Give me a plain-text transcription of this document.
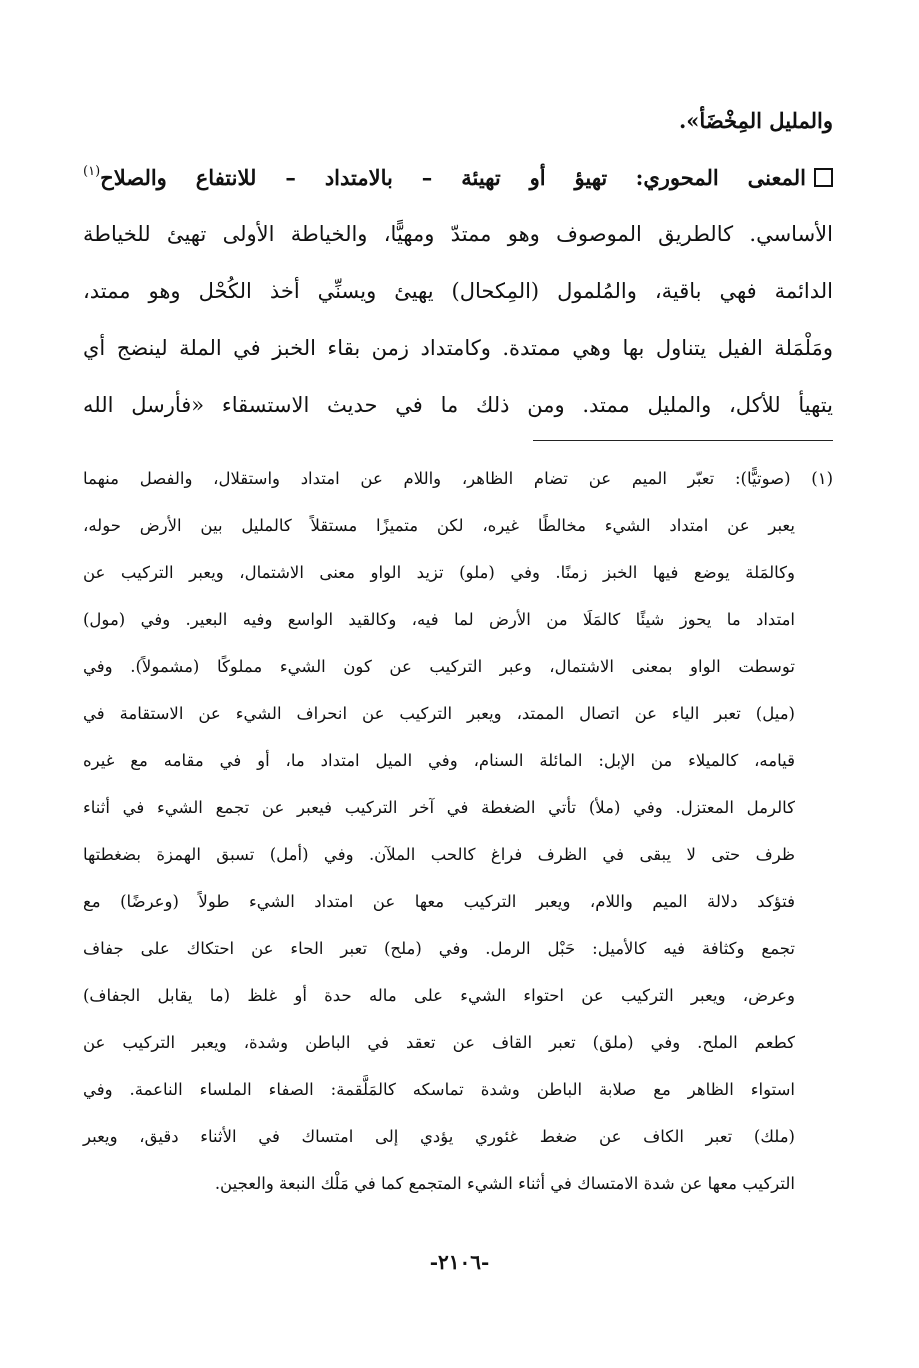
والمليل المِخْضَأ».
المعنى المحوري: تهيؤ أو تهيئة – بالامتداد – للانتفاع والصلاح$^{(١)}$
الأساسي. كالطريق الموصوف وهو ممتدّ ومهيًّا، والخياطة الأولى تهيئ للخياطة
الدائمة فهي باقية، والمُلمول (المِكحال) يهيئ ويسنِّي أخذ الكُحْل وهو ممتد،
ومَلْمَلة الفيل يتناول بها وهي ممتدة. وكامتداد زمن بقاء الخبز في الملة لينضج أي
يتهيأ للأكل، والمليل ممتد. ومن ذلك ما في حديث الاستسقاء «فأرسل الله
(١) (صوتيًّا): تعبّر الميم عن تضام الظاهر، واللام عن امتداد واستقلال، والفصل منهما
يعبر عن امتداد الشيء مخالطًا غيره، لكن متميزًا مستقلاً كالمليل بين الأرض حوله،
وكالمَلة يوضع فيها الخبز زمنًا. وفي (ملو) تزيد الواو معنى الاشتمال، ويعبر التركيب عن
امتداد ما يحوز شيئًا كالمَلَا من الأرض لما فيه، وكالقيد الواسع وفيه البعير. وفي (مول)
توسطت الواو بمعنى الاشتمال، وعبر التركيب عن كون الشيء مملوكًا (مشمولاً). وفي
(ميل) تعبر الياء عن اتصال الممتد، ويعبر التركيب عن انحراف الشيء عن الاستقامة في
قيامه، كالميلاء من الإبل: المائلة السنام، وفي الميل امتداد ما، أو في مقامه مع غيره
كالرمل المعتزل. وفي (ملأ) تأتي الضغطة في آخر التركيب فيعبر عن تجمع الشيء في أثناء
ظرف حتى لا يبقى في الظرف فراغ كالحب الملآن. وفي (أمل) تسبق الهمزة بضغطتها
فتؤكد دلالة الميم واللام، ويعبر التركيب معها عن امتداد الشيء طولاً (وعرضًا) مع
تجمع وكثافة فيه كالأميل: حَبْل الرمل. وفي (ملح) تعبر الحاء عن احتكاك على جفاف
وعرض، ويعبر التركيب عن احتواء الشيء على ماله حدة أو غلظ (ما يقابل الجفاف)
كطعم الملح. وفي (ملق) تعبر القاف عن تعقد في الباطن وشدة، ويعبر التركيب عن
استواء الظاهر مع صلابة الباطن وشدة تماسكه كالمَلَّقمة: الصفاء الملساء الناعمة. وفي
(ملك) تعبر الكاف عن ضغط غئوري يؤدي إلى امتساك في الأثناء دقيق، ويعبر
التركيب معها عن شدة الامتساك في أثناء الشيء المتجمع كما في مَلْك النبعة والعجين.
-٢١٠٦-
